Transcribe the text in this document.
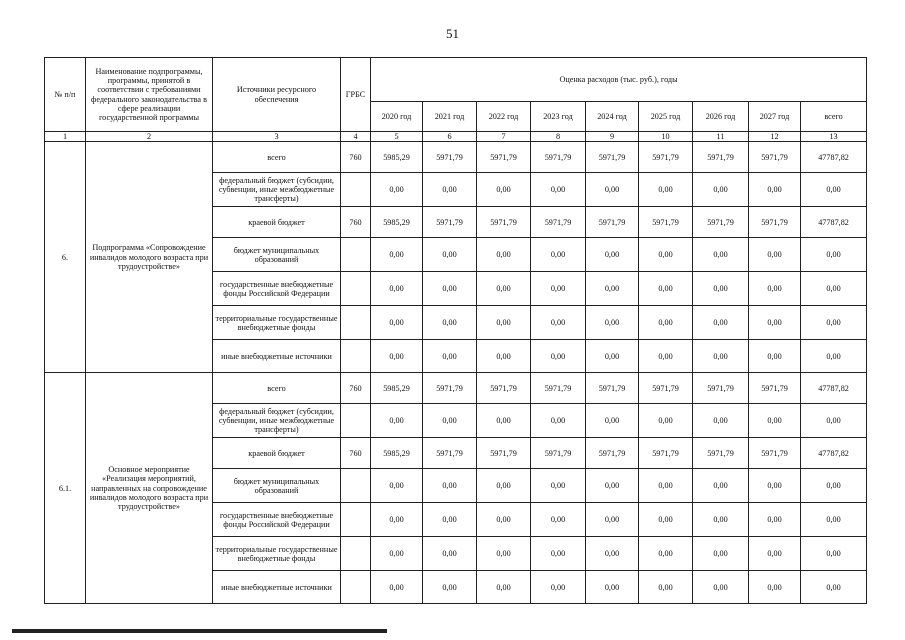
51
№ п/п	Наименование подпрограммы, программы, принятой в соответствии с требованиями федерального законодательства в сфере реализации государственной программы	Источники ресурсного обеспечения	ГРБС	Оценка расходов (тыс. руб.), годы								
				2020 год	2021 год	2022 год	2023 год	2024 год	2025 год	2026 год	2027 год	всего
1	2	3	4	5	6	7	8	9	10	11	12	13
6.	Подпрограмма «Сопровождение инвалидов молодого возраста при трудоустройстве»	всего	760	5985,29	5971,79	5971,79	5971,79	5971,79	5971,79	5971,79	5971,79	47787,82
		федеральный бюджет (субсидии, субвенции, иные межбюджетные трансферты)		0,00	0,00	0,00	0,00	0,00	0,00	0,00	0,00	0,00
		краевой бюджет	760	5985,29	5971,79	5971,79	5971,79	5971,79	5971,79	5971,79	5971,79	47787,82
		бюджет муниципальных образований		0,00	0,00	0,00	0,00	0,00	0,00	0,00	0,00	0,00
		государственные внебюджетные фонды Российской Федерации		0,00	0,00	0,00	0,00	0,00	0,00	0,00	0,00	0,00
		территориальные государственные внебюджетные фонды		0,00	0,00	0,00	0,00	0,00	0,00	0,00	0,00	0,00
		иные внебюджетные источники		0,00	0,00	0,00	0,00	0,00	0,00	0,00	0,00	0,00
6.1.	Основное мероприятие «Реализация мероприятий, направленных на сопровождение инвалидов молодого возраста при трудоустройстве»	всего	760	5985,29	5971,79	5971,79	5971,79	5971,79	5971,79	5971,79	5971,79	47787,82
		федеральный бюджет (субсидии, субвенции, иные межбюджетные трансферты)		0,00	0,00	0,00	0,00	0,00	0,00	0,00	0,00	0,00
		краевой бюджет	760	5985,29	5971,79	5971,79	5971,79	5971,79	5971,79	5971,79	5971,79	47787,82
		бюджет муниципальных образований		0,00	0,00	0,00	0,00	0,00	0,00	0,00	0,00	0,00
		государственные внебюджетные фонды Российской Федерации		0,00	0,00	0,00	0,00	0,00	0,00	0,00	0,00	0,00
		территориальные государственные внебюджетные фонды		0,00	0,00	0,00	0,00	0,00	0,00	0,00	0,00	0,00
		иные внебюджетные источники		0,00	0,00	0,00	0,00	0,00	0,00	0,00	0,00	0,00
